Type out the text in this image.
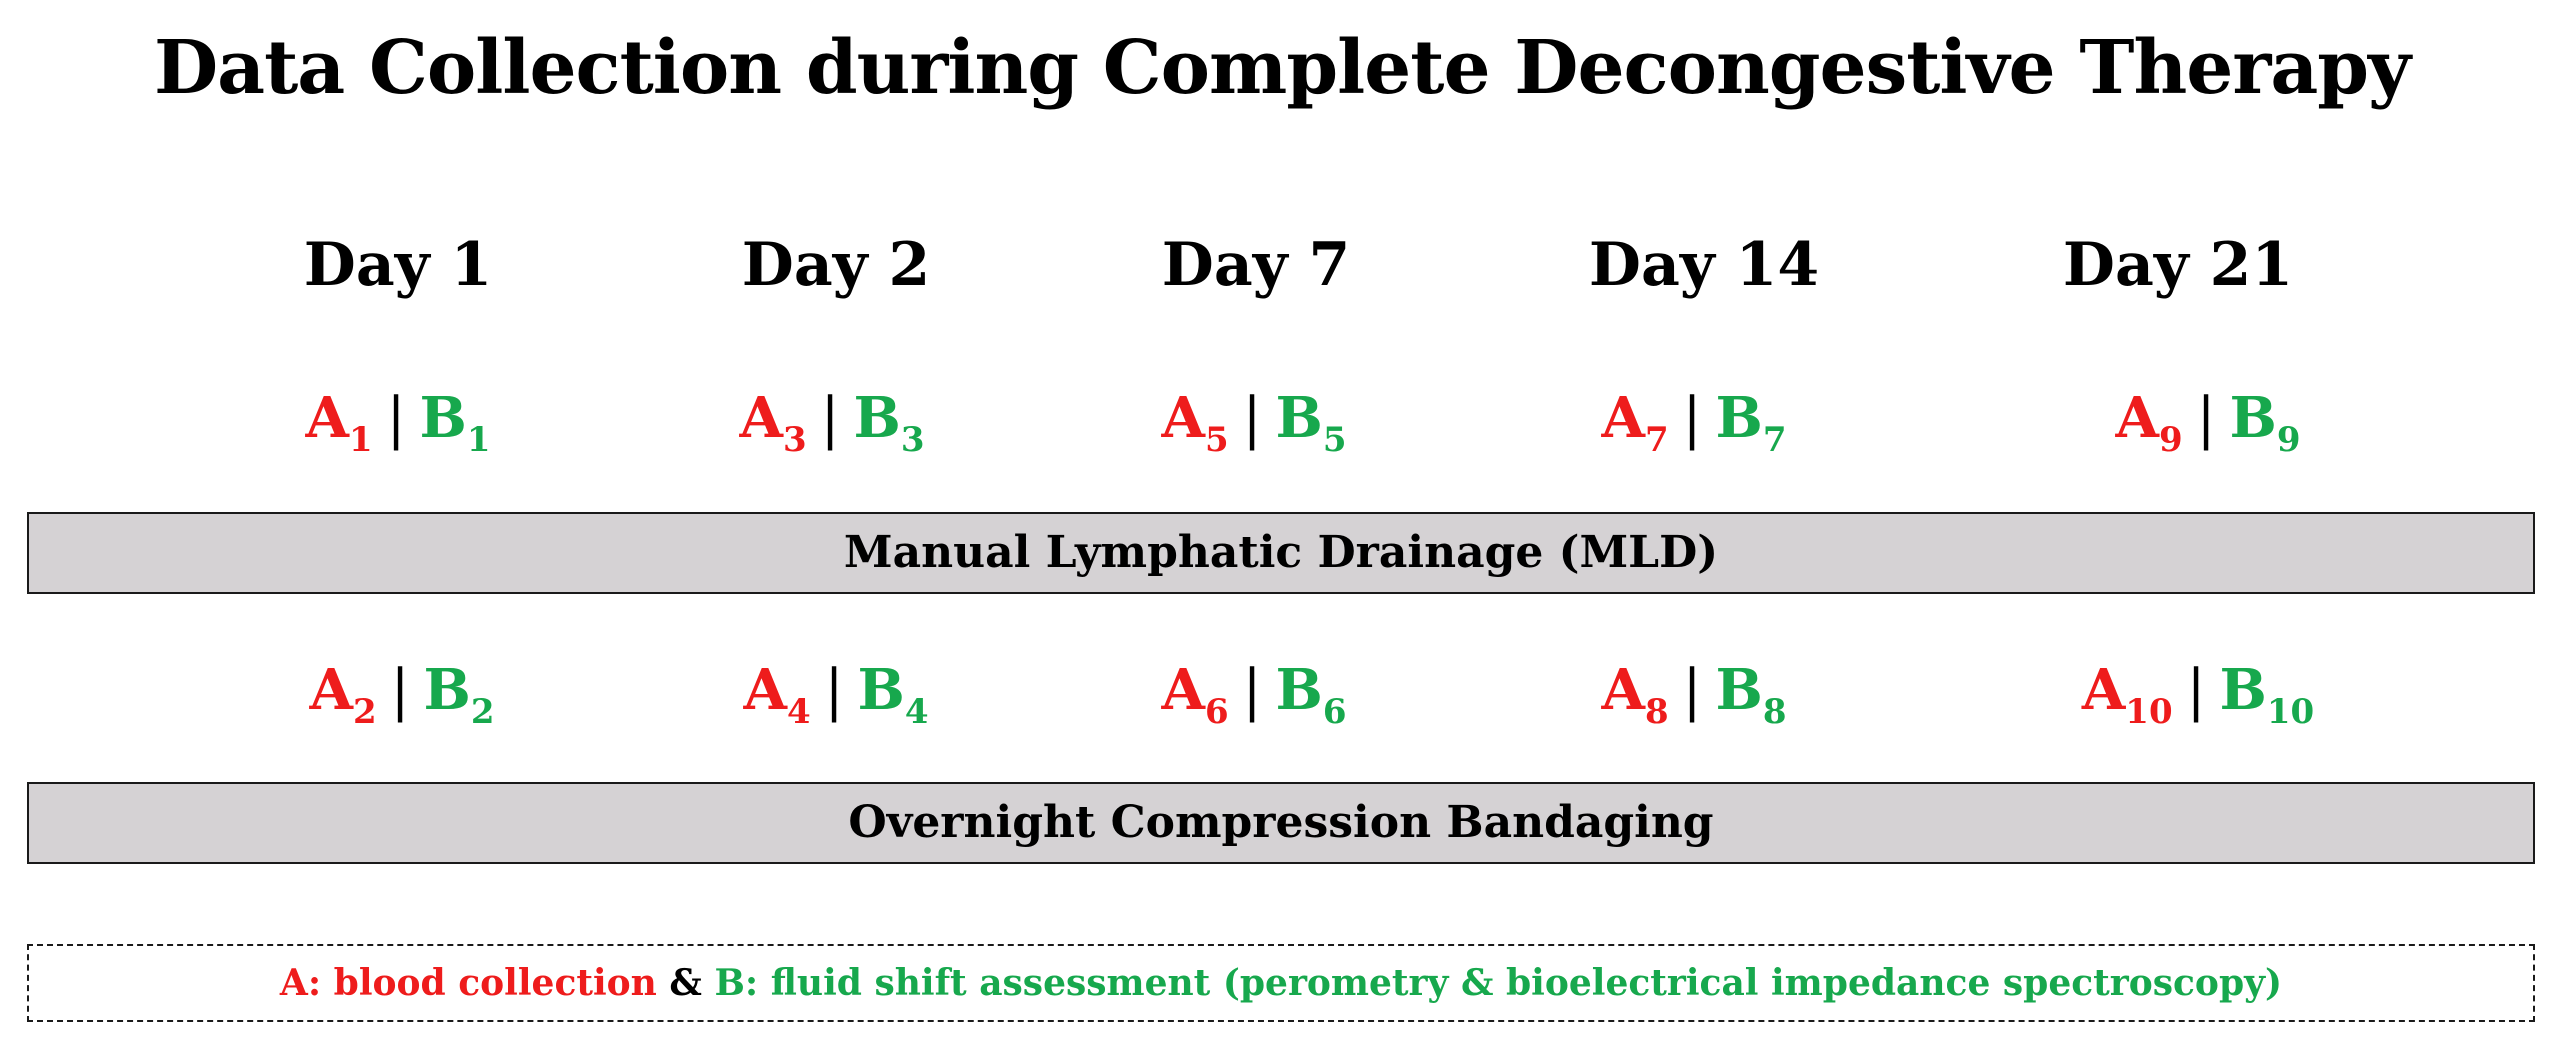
Data Collection during Complete Decongestive Therapy
Day 1	Day 2	Day 7	Day 14	Day 21
$A_1$ | $B_1$	$A_3$ | $B_3$	$A_5$ | $B_5$	$A_7$ | $B_7$	$A_9$ | $B_9$
Manual Lymphatic Drainage (MLD)
$A_2$ | $B_2$	$A_4$ | $B_4$	$A_6$ | $B_6$	$A_8$ | $B_8$	$A_{10}$ | $B_{10}$
Overnight Compression Bandaging
A: blood collection & B: fluid shift assessment (perometry & bioelectrical impedance spectroscopy)
